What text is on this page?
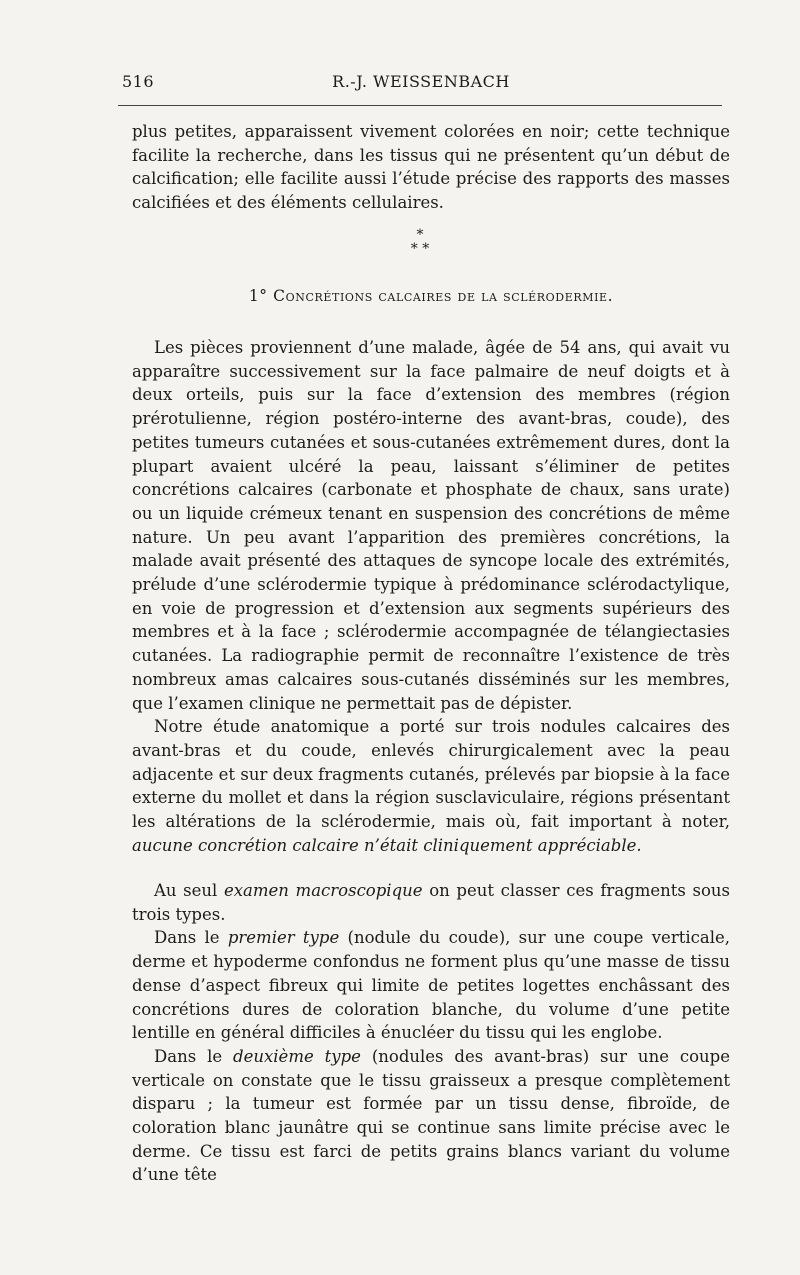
516	R.-J. WEISSENBACH

plus petites, apparaissent vivement colorées en noir; cette technique facilite la recherche, dans les tissus qui ne présentent qu’un début de calcification; elle facilite aussi l’étude précise des rapports des masses calcifiées et des éléments cellulaires.

*
* *
1° Concrétions calcaires de la sclérodermie.

Les pièces proviennent d’une malade, âgée de 54 ans, qui avait vu apparaître successivement sur la face palmaire de neuf doigts et à deux orteils, puis sur la face d’extension des membres (région prérotulienne, région postéro-interne des avant-bras, coude), des petites tumeurs cutanées et sous-cutanées extrêmement dures, dont la plupart avaient ulcéré la peau, laissant s’éliminer de petites concrétions calcaires (carbonate et phosphate de chaux, sans urate) ou un liquide crémeux tenant en suspension des concrétions de même nature. Un peu avant l’apparition des premières concrétions, la malade avait présenté des attaques de syncope locale des extrémités, prélude d’une sclérodermie typique à prédominance sclérodactylique, en voie de progression et d’extension aux segments supérieurs des membres et à la face ; sclérodermie accompagnée de télangiectasies cutanées. La radiographie permit de reconnaître l’existence de très nombreux amas calcaires sous-cutanés disséminés sur les membres, que l’examen clinique ne permettait pas de dépister.

Notre étude anatomique a porté sur trois nodules calcaires des avant-bras et du coude, enlevés chirurgicalement avec la peau adjacente et sur deux fragments cutanés, prélevés par biopsie à la face externe du mollet et dans la région susclaviculaire, régions présentant les altérations de la sclérodermie, mais où, fait important à noter, aucune concrétion calcaire n’était cliniquement appréciable.

Au seul examen macroscopique on peut classer ces fragments sous trois types.

Dans le premier type (nodule du coude), sur une coupe verticale, derme et hypoderme confondus ne forment plus qu’une masse de tissu dense d’aspect fibreux qui limite de petites logettes enchâssant des concrétions dures de coloration blanche, du volume d’une petite lentille en général difficiles à énucléer du tissu qui les englobe.

Dans le deuxième type (nodules des avant-bras) sur une coupe verticale on constate que le tissu graisseux a presque complètement disparu ; la tumeur est formée par un tissu dense, fibroïde, de coloration blanc jaunâtre qui se continue sans limite précise avec le derme. Ce tissu est farci de petits grains blancs variant du volume d’une tête
